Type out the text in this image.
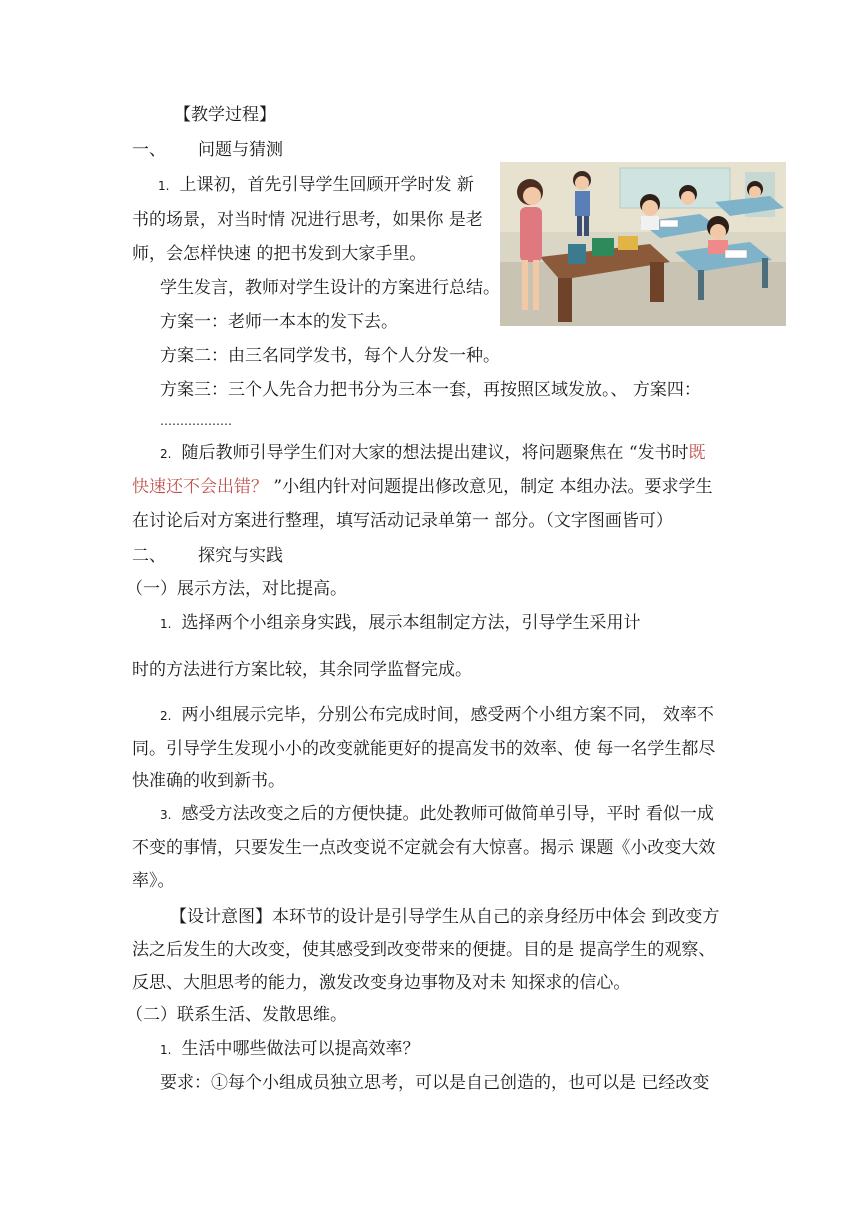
【教学过程】
一、 问题与猜测
1. 上课初，首先引导学生回顾开学时发 新
书的场景，对当时情 况进行思考，如果你 是老
师，会怎样快速 的把书发到大家手里。
学生发言，教师对学生设计的方案进行总结。
方案一：老师一本本的发下去。
方案二：由三名同学发书，每个人分发一种。
方案三：三个人先合力把书分为三本一套，再按照区域发放。、 方案四：
………………
2. 随后教师引导学生们对大家的想法提出建议，将问题聚焦在 “发书时既
快速还不会出错？ ”小组内针对问题提出修改意见，制定 本组办法。要求学生
在讨论后对方案进行整理，填写活动记录单第一 部分。（文字图画皆可）
二、 探究与实践
（一）展示方法，对比提高。
1. 选择两个小组亲身实践，展示本组制定方法，引导学生采用计
时的方法进行方案比较，其余同学监督完成。
2. 两小组展示完毕，分别公布完成时间，感受两个小组方案不同， 效率不
同。引导学生发现小小的改变就能更好的提高发书的效率、使 每一名学生都尽
快准确的收到新书。
3. 感受方法改变之后的方便快捷。此处教师可做简单引导，平时 看似一成
不变的事情，只要发生一点改变说不定就会有大惊喜。揭示 课题《小改变大效
率》。
【设计意图】本环节的设计是引导学生从自己的亲身经历中体会 到改变方
法之后发生的大改变，使其感受到改变带来的便捷。目的是 提高学生的观察、
反思、大胆思考的能力，激发改变身边事物及对未 知探求的信心。
（二）联系生活、发散思维。
1. 生活中哪些做法可以提高效率？
要求：①每个小组成员独立思考，可以是自己创造的，也可以是 已经改变
